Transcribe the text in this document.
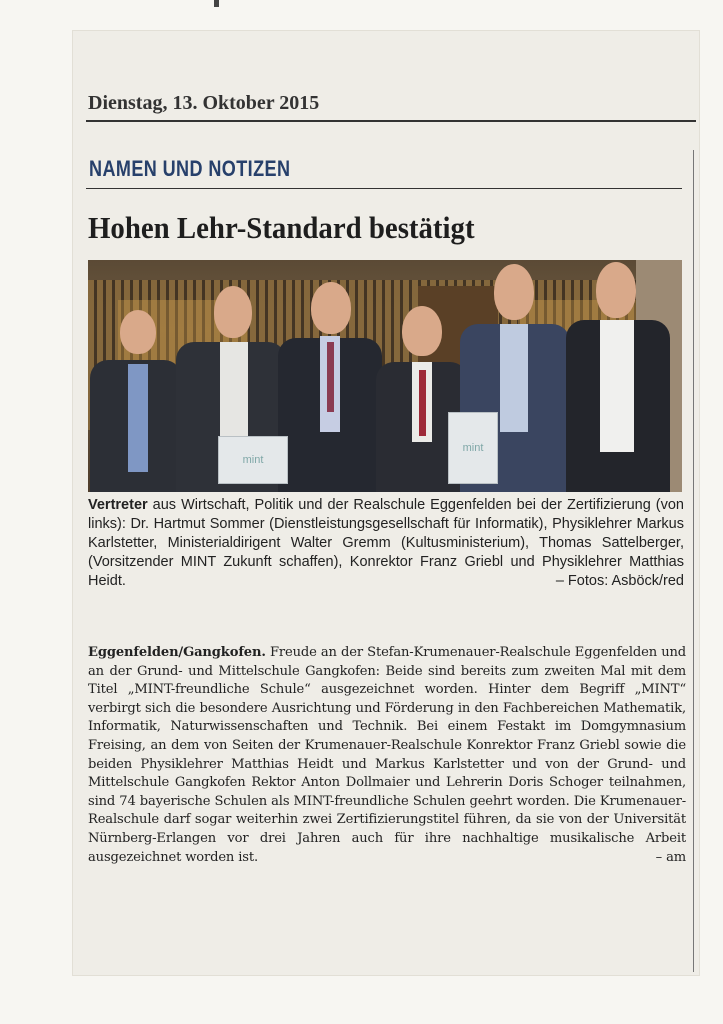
Dienstag, 13. Oktober 2015

NAMEN UND NOTIZEN
Hohen Lehr-Standard bestätigt
mint
mint
Vertreter aus Wirtschaft, Politik und der Realschule Eggenfelden bei der Zertifizierung (von links): Dr. Hartmut Sommer (Dienstleistungsgesellschaft für Informatik), Physiklehrer Markus Karlstetter, Ministerialdirigent Walter Gremm (Kultusministerium), Thomas Sattelberger, (Vorsitzender MINT Zukunft schaffen), Konrektor Franz Griebl und Physiklehrer Matthias Heidt.	– Fotos: Asböck/red
Eggenfelden/Gangkofen. Freude an der Stefan-Krumenauer-Realschule Eggenfelden und an der Grund- und Mittelschule Gangkofen: Beide sind bereits zum zweiten Mal mit dem Titel „MINT-freundliche Schule“ ausgezeichnet worden. Hinter dem Begriff „MINT“ verbirgt sich die besondere Ausrichtung und Förderung in den Fachbereichen Mathematik, Informatik, Naturwissenschaften und Technik. Bei einem Festakt im Domgymnasium Freising, an dem von Seiten der Krumenauer-Realschule Konrektor Franz Griebl sowie die beiden Physiklehrer Matthias Heidt und Markus Karlstetter und von der Grund- und Mittelschule Gangkofen Rektor Anton Dollmaier und Lehrerin Doris Schoger teilnahmen, sind 74 bayerische Schulen als MINT-freundliche Schulen geehrt worden. Die Krumenauer-Realschule darf sogar weiterhin zwei Zertifizierungstitel führen, da sie von der Universität Nürnberg-Erlangen vor drei Jahren auch für ihre nachhaltige musikalische Arbeit ausgezeichnet worden ist.	– am
